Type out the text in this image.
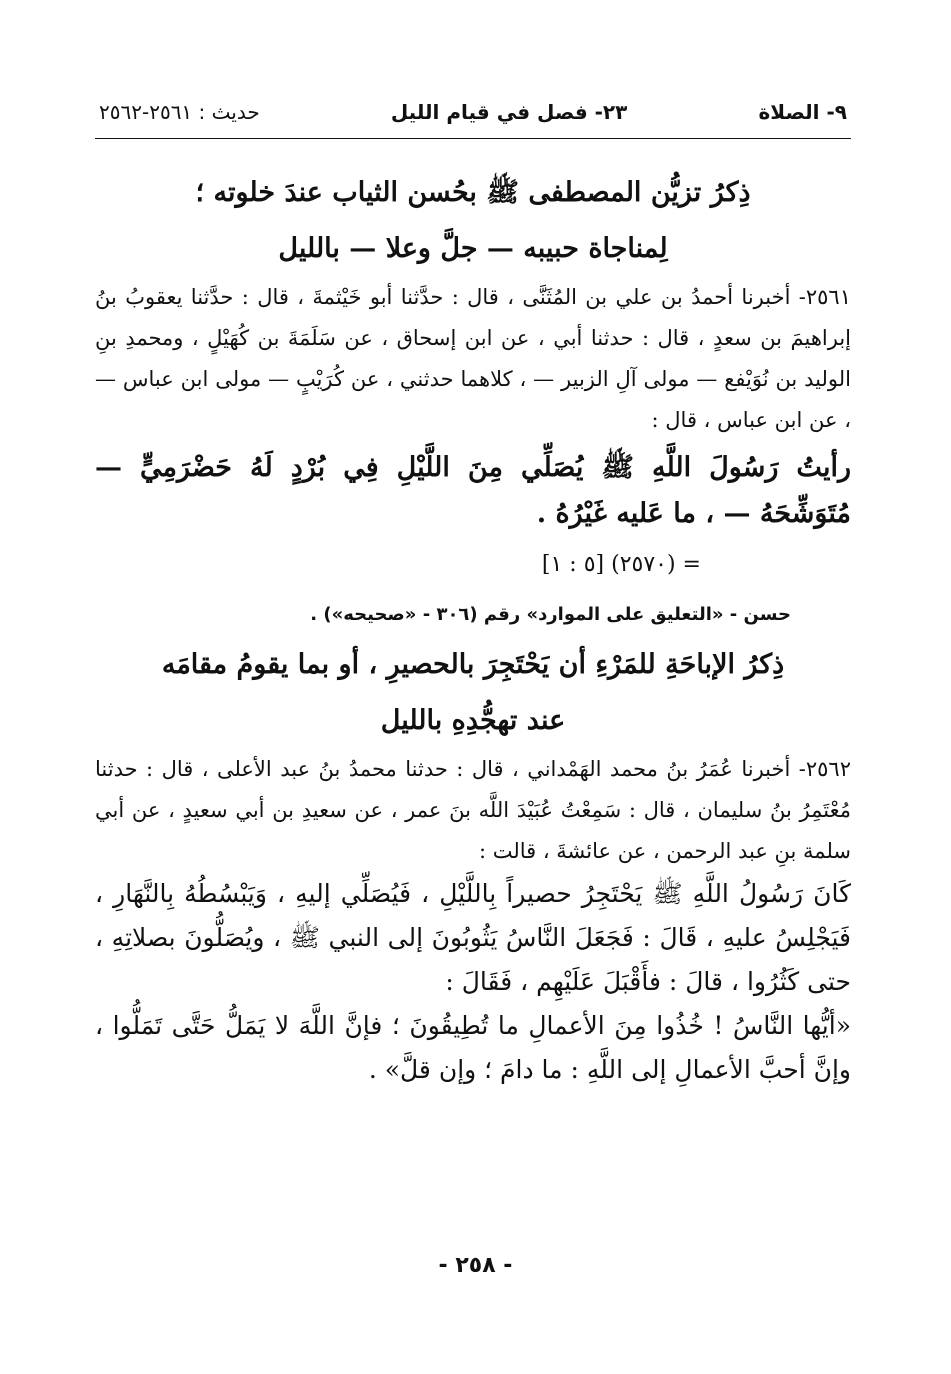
٩- الصلاة
٢٣- فصل في قيام الليل
حديث : ٢٥٦١-٢٥٦٢
ذِكرُ تزيُّن المصطفى ﷺ بحُسن الثياب عندَ خلوته ؛
لِمناجاة حبيبه — جلَّ وعلا — بالليل
٢٥٦١- أخبرنا أحمدُ بن علي بن المُثَنَّى ، قال : حدَّثنا أبو خَيْثمةَ ، قال : حدَّثنا يعقوبُ بنُ إبراهيمَ بن سعدٍ ، قال : حدثنا أبي ، عن ابن إسحاق ، عن سَلَمَةَ بن كُهَيْلٍ ، ومحمدِ بنِ الوليد بن نُوَيْفع — مولى آلِ الزبير — ، كلاهما حدثني ، عن كُرَيْبٍ — مولى ابن عباس — ، عن ابن عباس ، قال :
رأيتُ رَسُولَ اللَّهِ ﷺ يُصَلِّي مِنَ اللَّيْلِ فِي بُرْدٍ لَهُ حَضْرَمِيٍّ — مُتَوَشِّحَهُ — ، ما عَليه غَيْرُهُ .
= (٢٥٧٠) [٥ : ١]
حسن - «التعليق على الموارد» رقم (٣٠٦ - «صحيحه») .
ذِكرُ الإباحَةِ للمَرْءِ أن يَحْتَجِرَ بالحصيرِ ، أو بما يقومُ مقامَه
عند تهجُّدِهِ بالليل
٢٥٦٢- أخبرنا عُمَرُ بنُ محمد الهَمْداني ، قال : حدثنا محمدُ بنُ عبد الأعلى ، قال : حدثنا مُعْتَمِرُ بنُ سليمان ، قال : سَمِعْتُ عُبَيْدَ اللَّه بنَ عمر ، عن سعيدِ بن أبي سعيدٍ ، عن أبي سلمة بنِ عبد الرحمن ، عن عائشةَ ، قالت :
كَانَ رَسُولُ اللَّهِ ﷺ يَحْتَجِرُ حصيراً بِاللَّيْلِ ، فَيُصَلِّي إليهِ ، وَيَبْسُطُهُ بِالنَّهَارِ ، فَيَجْلِسُ عليهِ ، قَالَ : فَجَعَلَ النَّاسُ يَثُوبُونَ إلى النبي ﷺ ، ويُصَلُّونَ بصلاتِهِ ، حتى كَثُرُوا ، قالَ : فأَقْبَلَ عَلَيْهِم ، فَقَالَ :
«أيُّها النَّاسُ ! خُذُوا مِنَ الأعمالِ ما تُطِيقُونَ ؛ فإنَّ اللَّهَ لا يَمَلُّ حَتَّى تَمَلُّوا ، وإنَّ أحبَّ الأعمالِ إلى اللَّهِ : ما دامَ ؛ وإن قلَّ» .
- ٢٥٨ -
